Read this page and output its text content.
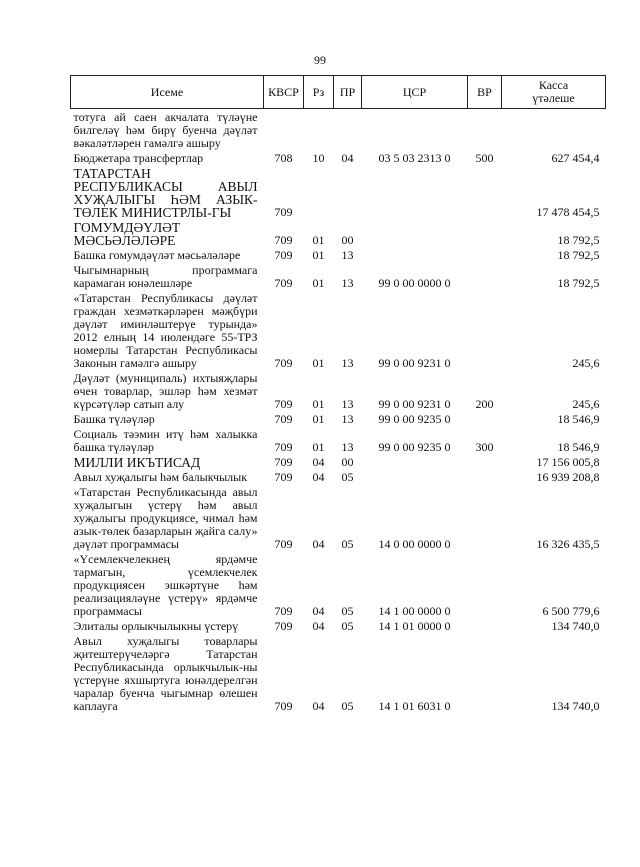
99
Исеме	КВСР	Рз	ПР	ЦСР	ВР	Касса
үтәлеше
тотуга ай саен акчалата түләүне билгеләү һәм бирү буенча дәүләт вәкаләтләрен гамәлгә ашыру						
Бюджетара трансфертлар	708	10	04	03 5 03 2313 0	500	627 454,4
ТАТАРСТАН РЕСПУБЛИКАСЫ АВЫЛ ХУҖАЛЫГЫ ҺӘМ АЗЫК-ТӨЛЕК МИНИСТРЛЫ-ГЫ	709					17 478 454,5
ГОМУМДӘҮЛӘТ МӘСЬӘЛӘЛӘРЕ	709	01	00			18 792,5
Башка гомумдәүләт мәсьәләләре	709	01	13			18 792,5
Чыгымнарның программага карамаган юнәлешләре	709	01	13	99 0 00 0000 0		18 792,5
«Татарстан Республикасы дәүләт граждан хезмәткәрләрен мәҗбүри дәүләт иминләштерүе турында» 2012 елның 14 июлендәге 55-ТРЗ номерлы Татарстан Республикасы Законын гамәлгә ашыру	709	01	13	99 0 00 9231 0		245,6
Дәүләт (муниципаль) ихтыяҗлары өчен товарлар, эшләр һәм хезмәт күрсәтүләр сатып алу	709	01	13	99 0 00 9231 0	200	245,6
Башка түләүләр	709	01	13	99 0 00 9235 0		18 546,9
Социаль тәэмин итү һәм халыкка башка түләүләр	709	01	13	99 0 00 9235 0	300	18 546,9
МИЛЛИ ИКЪТИСАД	709	04	00			17 156 005,8
Авыл хуҗалыгы һәм балыкчылык	709	04	05			16 939 208,8
«Татарстан Республикасында авыл хуҗалыгын үстерү һәм авыл хуҗалыгы продукциясе, чимал һәм азык-төлек базарларын җайга салу» дәүләт программасы	709	04	05	14 0 00 0000 0		16 326 435,5
«Үсемлекчелекнең ярдәмче тармагын, үсемлекчелек продукциясен эшкәртүне һәм реализацияләүне үстерү» ярдәмче программасы	709	04	05	14 1 00 0000 0		6 500 779,6
Элиталы орлыкчылыкны үстерү	709	04	05	14 1 01 0000 0		134 740,0
Авыл хуҗалыгы товарлары җитештерүчеләргә Татарстан Республикасында орлыкчылык-ны үстерүне яхшыртуга юнәлдерелгән чаралар буенча чыгымнар өлешен каплауга	709	04	05	14 1 01 6031 0		134 740,0
